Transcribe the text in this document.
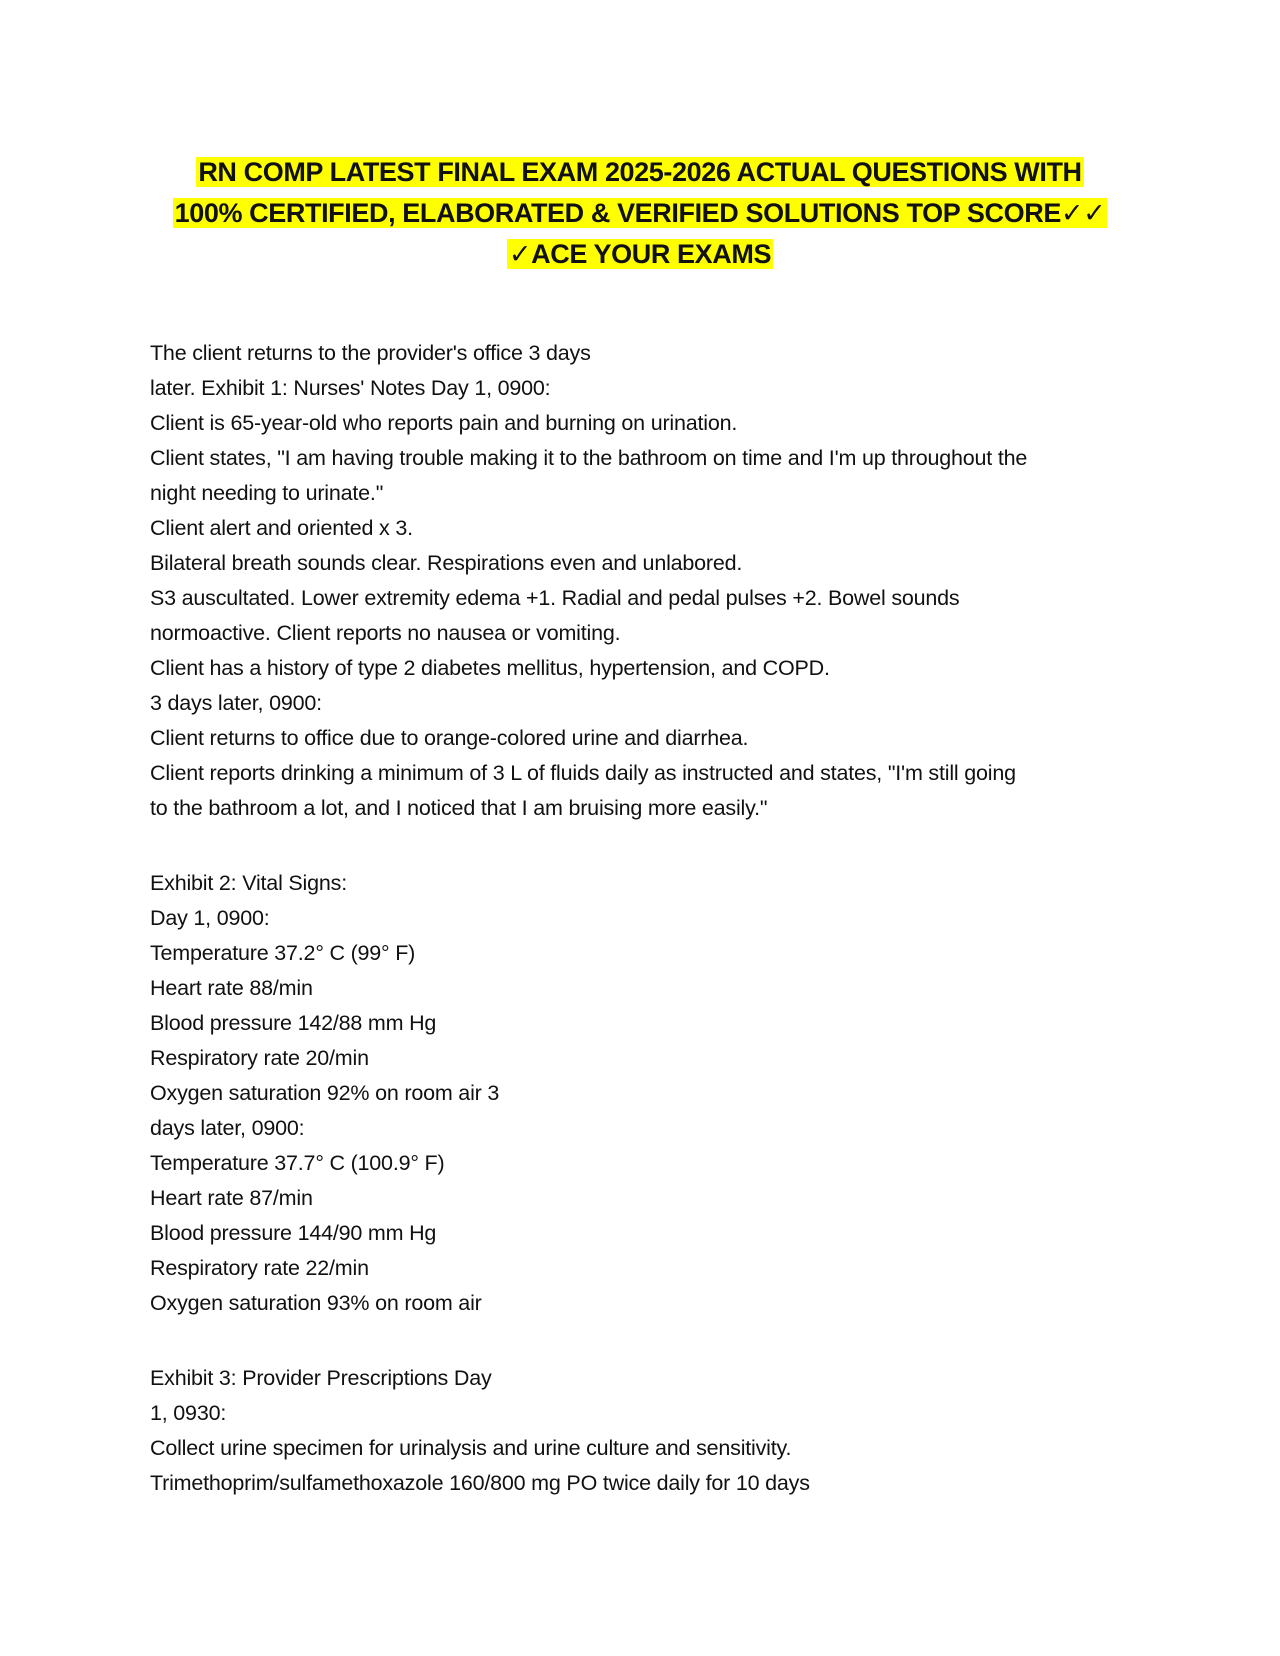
RN COMP LATEST FINAL EXAM 2025-2026 ACTUAL QUESTIONS WITH
100% CERTIFIED, ELABORATED & VERIFIED SOLUTIONS TOP SCORE✓✓
✓ACE YOUR EXAMS
The client returns to the provider's office 3 days
later. Exhibit 1: Nurses' Notes Day 1, 0900:
Client is 65-year-old who reports pain and burning on urination.
Client states, "I am having trouble making it to the bathroom on time and I'm up throughout the
night needing to urinate."
Client alert and oriented x 3.
Bilateral breath sounds clear. Respirations even and unlabored.
S3 auscultated. Lower extremity edema +1. Radial and pedal pulses +2. Bowel sounds
normoactive. Client reports no nausea or vomiting.
Client has a history of type 2 diabetes mellitus, hypertension, and COPD.
3 days later, 0900:
Client returns to office due to orange-colored urine and diarrhea.
Client reports drinking a minimum of 3 L of fluids daily as instructed and states, "I'm still going
to the bathroom a lot, and I noticed that I am bruising more easily."
Exhibit 2: Vital Signs:
Day 1, 0900:
Temperature 37.2° C (99° F)
Heart rate 88/min
Blood pressure 142/88 mm Hg
Respiratory rate 20/min
Oxygen saturation 92% on room air 3
days later, 0900:
Temperature 37.7° C (100.9° F)
Heart rate 87/min
Blood pressure 144/90 mm Hg
Respiratory rate 22/min
Oxygen saturation 93% on room air
Exhibit 3: Provider Prescriptions Day
1, 0930:
Collect urine specimen for urinalysis and urine culture and sensitivity.
Trimethoprim/sulfamethoxazole 160/800 mg PO twice daily for 10 days
